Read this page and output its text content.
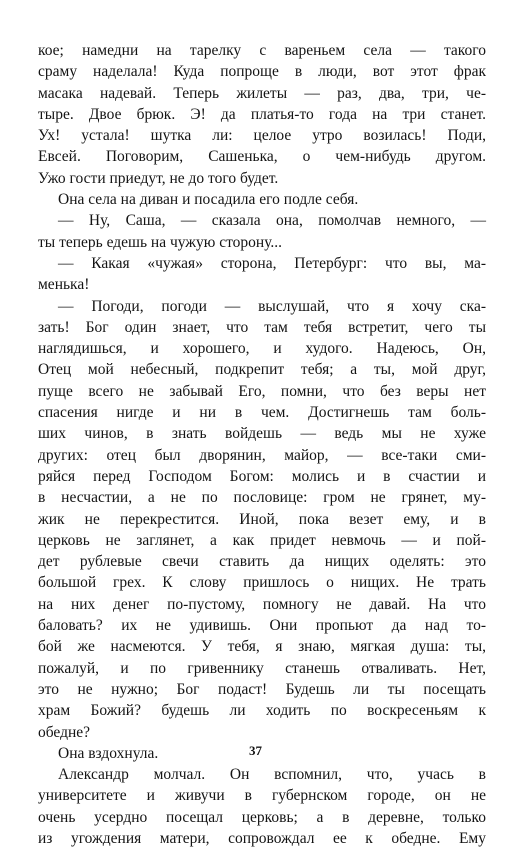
кое; намедни на тарелку с вареньем села — такого
сраму наделала! Куда попроще в люди, вот этот фрак
масака надевай. Теперь жилеты — раз, два, три, че-
тыре. Двое брюк. Э! да платья-то года на три станет.
Ух! устала! шутка ли: целое утро возилась! Поди,
Евсей. Поговорим, Сашенька, о чем-нибудь другом.
Ужо гости приедут, не до того будет.
Она села на диван и посадила его подле себя.
— Ну, Саша, — сказала она, помолчав немного, —
ты теперь едешь на чужую сторону...
— Какая «чужая» сторона, Петербург: что вы, ма-
менька!
— Погоди, погоди — выслушай, что я хочу ска-
зать! Бог один знает, что там тебя встретит, чего ты
наглядишься, и хорошего, и худого. Надеюсь, Он,
Отец мой небесный, подкрепит тебя; а ты, мой друг,
пуще всего не забывай Его, помни, что без веры нет
спасения нигде и ни в чем. Достигнешь там боль-
ших чинов, в знать войдешь — ведь мы не хуже
других: отец был дворянин, майор, — все-таки сми-
ряйся перед Господом Богом: молись и в счастии и
в несчастии, а не по пословице: гром не грянет, му-
жик не перекрестится. Иной, пока везет ему, и в
церковь не заглянет, а как придет невмочь — и пой-
дет рублевые свечи ставить да нищих оделять: это
большой грех. К слову пришлось о нищих. Не трать
на них денег по-пустому, помногу не давай. На что
баловать? их не удивишь. Они пропьют да над то-
бой же насмеются. У тебя, я знаю, мягкая душа: ты,
пожалуй, и по гривеннику станешь отваливать. Нет,
это не нужно; Бог подаст! Будешь ли ты посещать
храм Божий? будешь ли ходить по воскресеньям к
обедне?
Она вздохнула.
Александр молчал. Он вспомнил, что, учась в
университете и живучи в губернском городе, он не
очень усердно посещал церковь; а в деревне, только
из угождения матери, сопровождал ее к обедне. Ему
37
